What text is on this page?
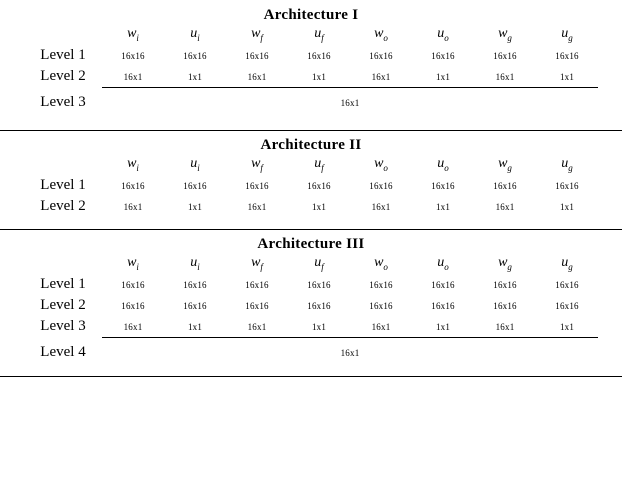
Architecture I
	$w_i$	$u_i$	$w_f$	$u_f$	$w_o$	$u_o$	$w_g$	$u_g$
Level 1	16x16	16x16	16x16	16x16	16x16	16x16	16x16	16x16
Level 2	16x1	1x1	16x1	1x1	16x1	1x1	16x1	1x1
Level 3	16x1							
Architecture II
	$w_i$	$u_i$	$w_f$	$u_f$	$w_o$	$u_o$	$w_g$	$u_g$
Level 1	16x16	16x16	16x16	16x16	16x16	16x16	16x16	16x16
Level 2	16x1	1x1	16x1	1x1	16x1	1x1	16x1	1x1
Architecture III
	$w_i$	$u_i$	$w_f$	$u_f$	$w_o$	$u_o$	$w_g$	$u_g$
Level 1	16x16	16x16	16x16	16x16	16x16	16x16	16x16	16x16
Level 2	16x16	16x16	16x16	16x16	16x16	16x16	16x16	16x16
Level 3	16x1	1x1	16x1	1x1	16x1	1x1	16x1	1x1
Level 4	16x1							
